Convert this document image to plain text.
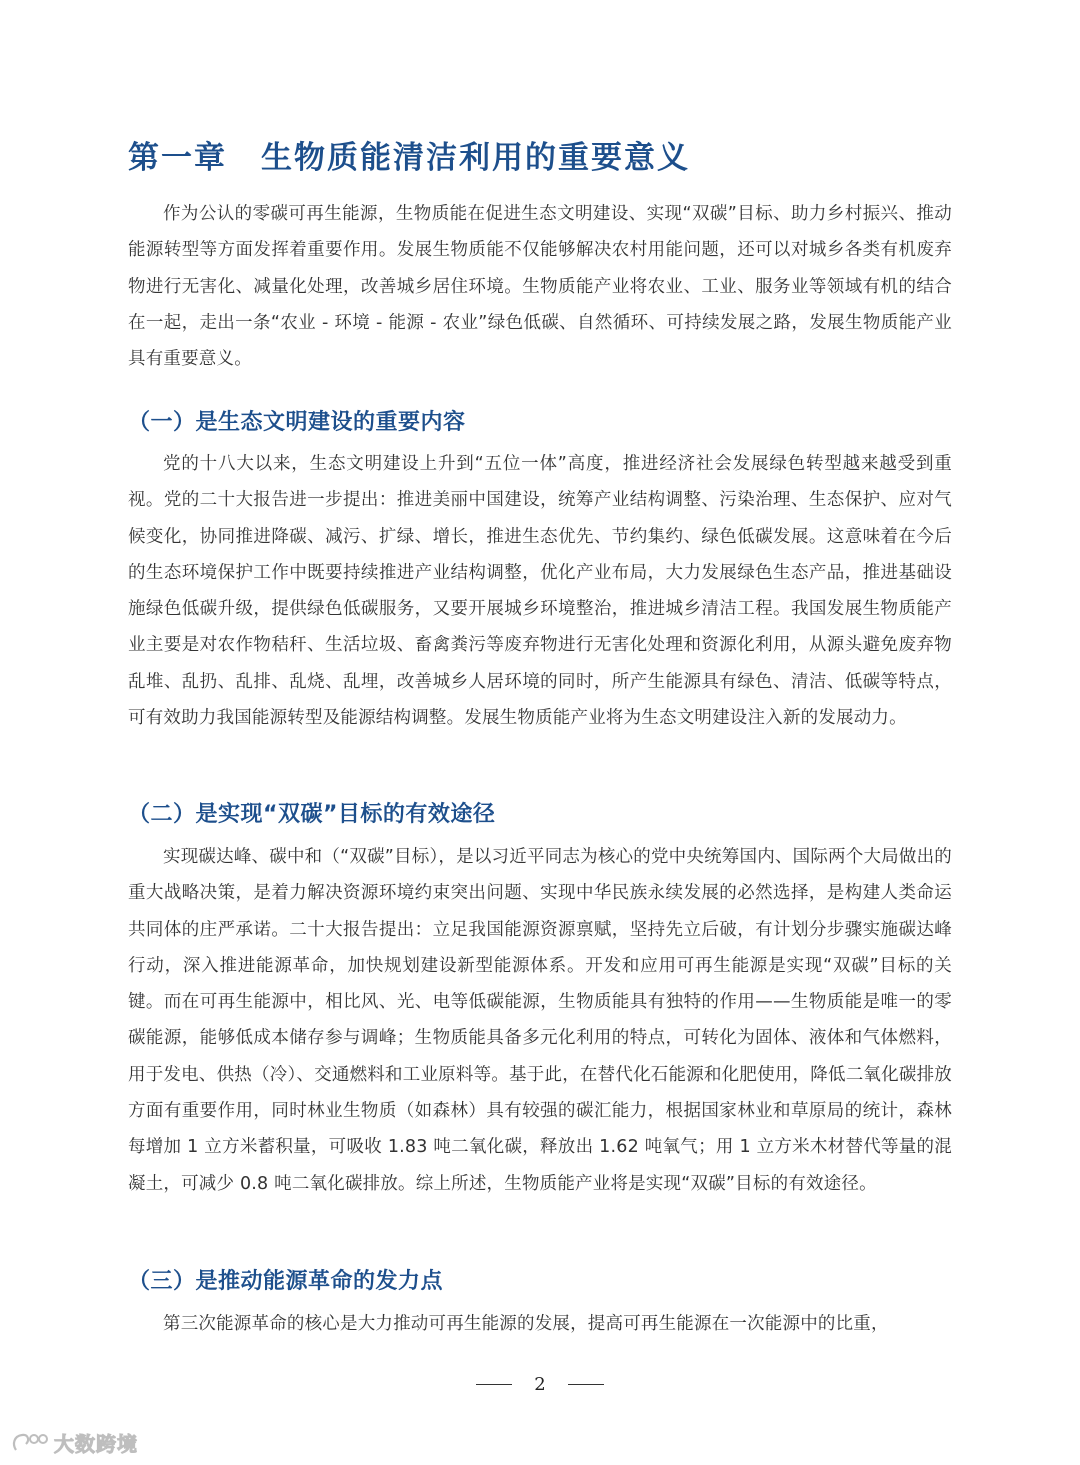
第一章 生物质能清洁利用的重要意义

作为公认的零碳可再生能源，生物质能在促进生态文明建设、实现“双碳”目标、助力乡村振兴、推动能源转型等方面发挥着重要作用。发展生物质能不仅能够解决农村用能问题，还可以对城乡各类有机废弃物进行无害化、减量化处理，改善城乡居住环境。生物质能产业将农业、工业、服务业等领域有机的结合在一起，走出一条“农业 - 环境 - 能源 - 农业”绿色低碳、自然循环、可持续发展之路，发展生物质能产业具有重要意义。

（一）是生态文明建设的重要内容

党的十八大以来，生态文明建设上升到“五位一体”高度，推进经济社会发展绿色转型越来越受到重视。党的二十大报告进一步提出：推进美丽中国建设，统筹产业结构调整、污染治理、生态保护、应对气候变化，协同推进降碳、减污、扩绿、增长，推进生态优先、节约集约、绿色低碳发展。这意味着在今后的生态环境保护工作中既要持续推进产业结构调整，优化产业布局，大力发展绿色生态产品，推进基础设施绿色低碳升级，提供绿色低碳服务，又要开展城乡环境整治，推进城乡清洁工程。我国发展生物质能产业主要是对农作物秸秆、生活垃圾、畜禽粪污等废弃物进行无害化处理和资源化利用，从源头避免废弃物乱堆、乱扔、乱排、乱烧、乱埋，改善城乡人居环境的同时，所产生能源具有绿色、清洁、低碳等特点，可有效助力我国能源转型及能源结构调整。发展生物质能产业将为生态文明建设注入新的发展动力。

（二）是实现“双碳”目标的有效途径

实现碳达峰、碳中和（“双碳”目标），是以习近平同志为核心的党中央统筹国内、国际两个大局做出的重大战略决策，是着力解决资源环境约束突出问题、实现中华民族永续发展的必然选择，是构建人类命运共同体的庄严承诺。二十大报告提出：立足我国能源资源禀赋，坚持先立后破，有计划分步骤实施碳达峰行动，深入推进能源革命，加快规划建设新型能源体系。开发和应用可再生能源是实现“双碳”目标的关键。而在可再生能源中，相比风、光、电等低碳能源，生物质能具有独特的作用——生物质能是唯一的零碳能源，能够低成本储存参与调峰；生物质能具备多元化利用的特点，可转化为固体、液体和气体燃料，用于发电、供热（冷）、交通燃料和工业原料等。基于此，在替代化石能源和化肥使用，降低二氧化碳排放方面有重要作用，同时林业生物质（如森林）具有较强的碳汇能力，根据国家林业和草原局的统计，森林每增加 1 立方米蓄积量，可吸收 1.83 吨二氧化碳，释放出 1.62 吨氧气；用 1 立方米木材替代等量的混凝土，可减少 0.8 吨二氧化碳排放。综上所述，生物质能产业将是实现“双碳”目标的有效途径。

（三）是推动能源革命的发力点

第三次能源革命的核心是大力推动可再生能源的发展，提高可再生能源在一次能源中的比重，

2
大数跨境
